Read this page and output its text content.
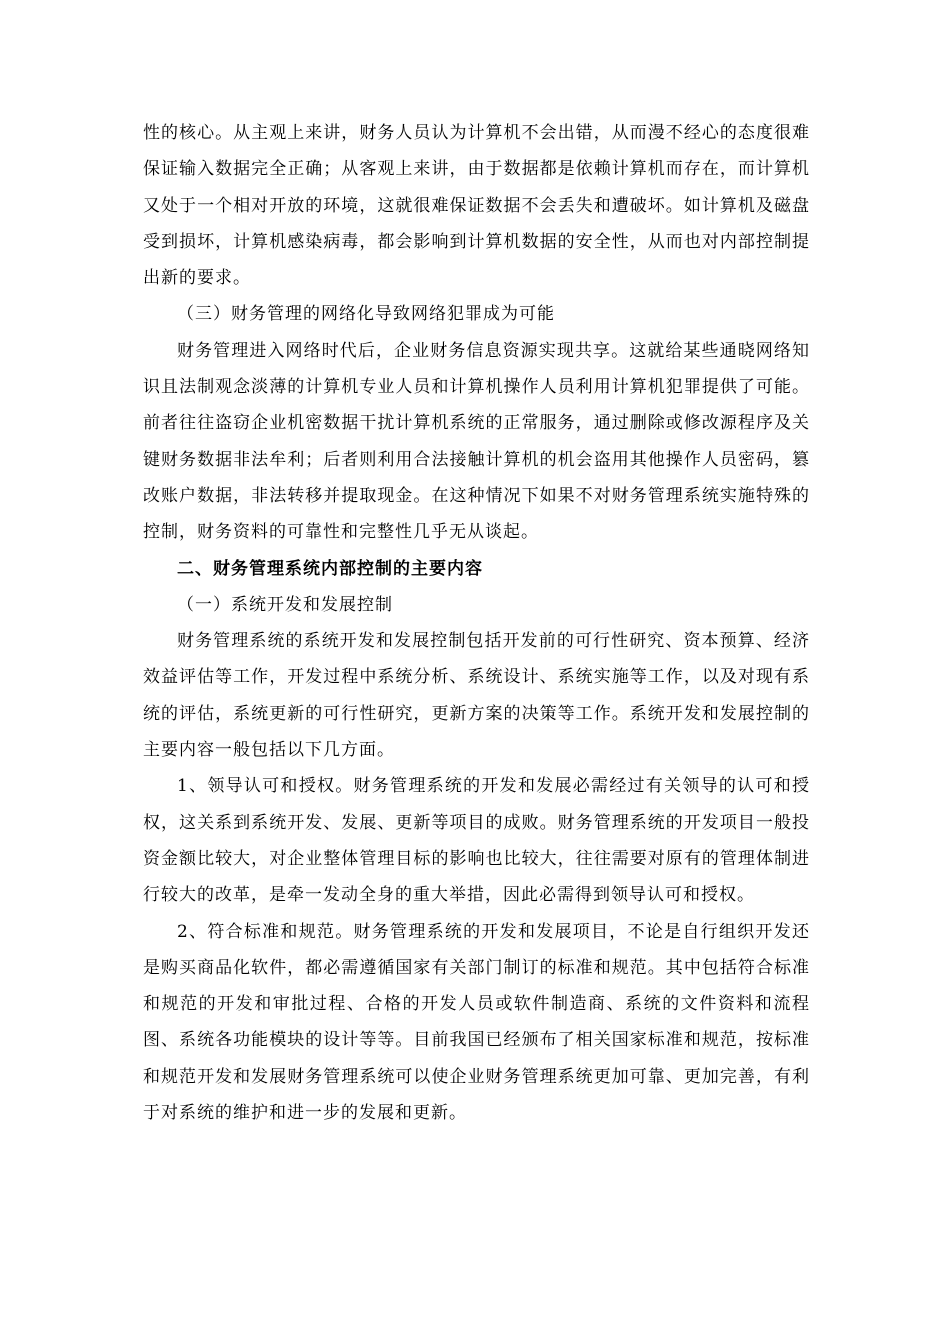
性的核心。从主观上来讲，财务人员认为计算机不会出错，从而漫不经心的态度很难保证输入数据完全正确；从客观上来讲，由于数据都是依赖计算机而存在，而计算机又处于一个相对开放的环境，这就很难保证数据不会丢失和遭破坏。如计算机及磁盘受到损坏，计算机感染病毒，都会影响到计算机数据的安全性，从而也对内部控制提出新的要求。

（三）财务管理的网络化导致网络犯罪成为可能

财务管理进入网络时代后，企业财务信息资源实现共享。这就给某些通晓网络知识且法制观念淡薄的计算机专业人员和计算机操作人员利用计算机犯罪提供了可能。前者往往盗窃企业机密数据干扰计算机系统的正常服务，通过删除或修改源程序及关键财务数据非法牟利；后者则利用合法接触计算机的机会盗用其他操作人员密码，篡改账户数据，非法转移并提取现金。在这种情况下如果不对财务管理系统实施特殊的控制，财务资料的可靠性和完整性几乎无从谈起。

二、财务管理系统内部控制的主要内容

（一）系统开发和发展控制

财务管理系统的系统开发和发展控制包括开发前的可行性研究、资本预算、经济效益评估等工作，开发过程中系统分析、系统设计、系统实施等工作，以及对现有系统的评估，系统更新的可行性研究，更新方案的决策等工作。系统开发和发展控制的主要内容一般包括以下几方面。

1、领导认可和授权。财务管理系统的开发和发展必需经过有关领导的认可和授权，这关系到系统开发、发展、更新等项目的成败。财务管理系统的开发项目一般投资金额比较大，对企业整体管理目标的影响也比较大，往往需要对原有的管理体制进行较大的改革，是牵一发动全身的重大举措，因此必需得到领导认可和授权。

2、符合标准和规范。财务管理系统的开发和发展项目，不论是自行组织开发还是购买商品化软件，都必需遵循国家有关部门制订的标准和规范。其中包括符合标准和规范的开发和审批过程、合格的开发人员或软件制造商、系统的文件资料和流程图、系统各功能模块的设计等等。目前我国已经颁布了相关国家标准和规范，按标准和规范开发和发展财务管理系统可以使企业财务管理系统更加可靠、更加完善，有利于对系统的维护和进一步的发展和更新。
